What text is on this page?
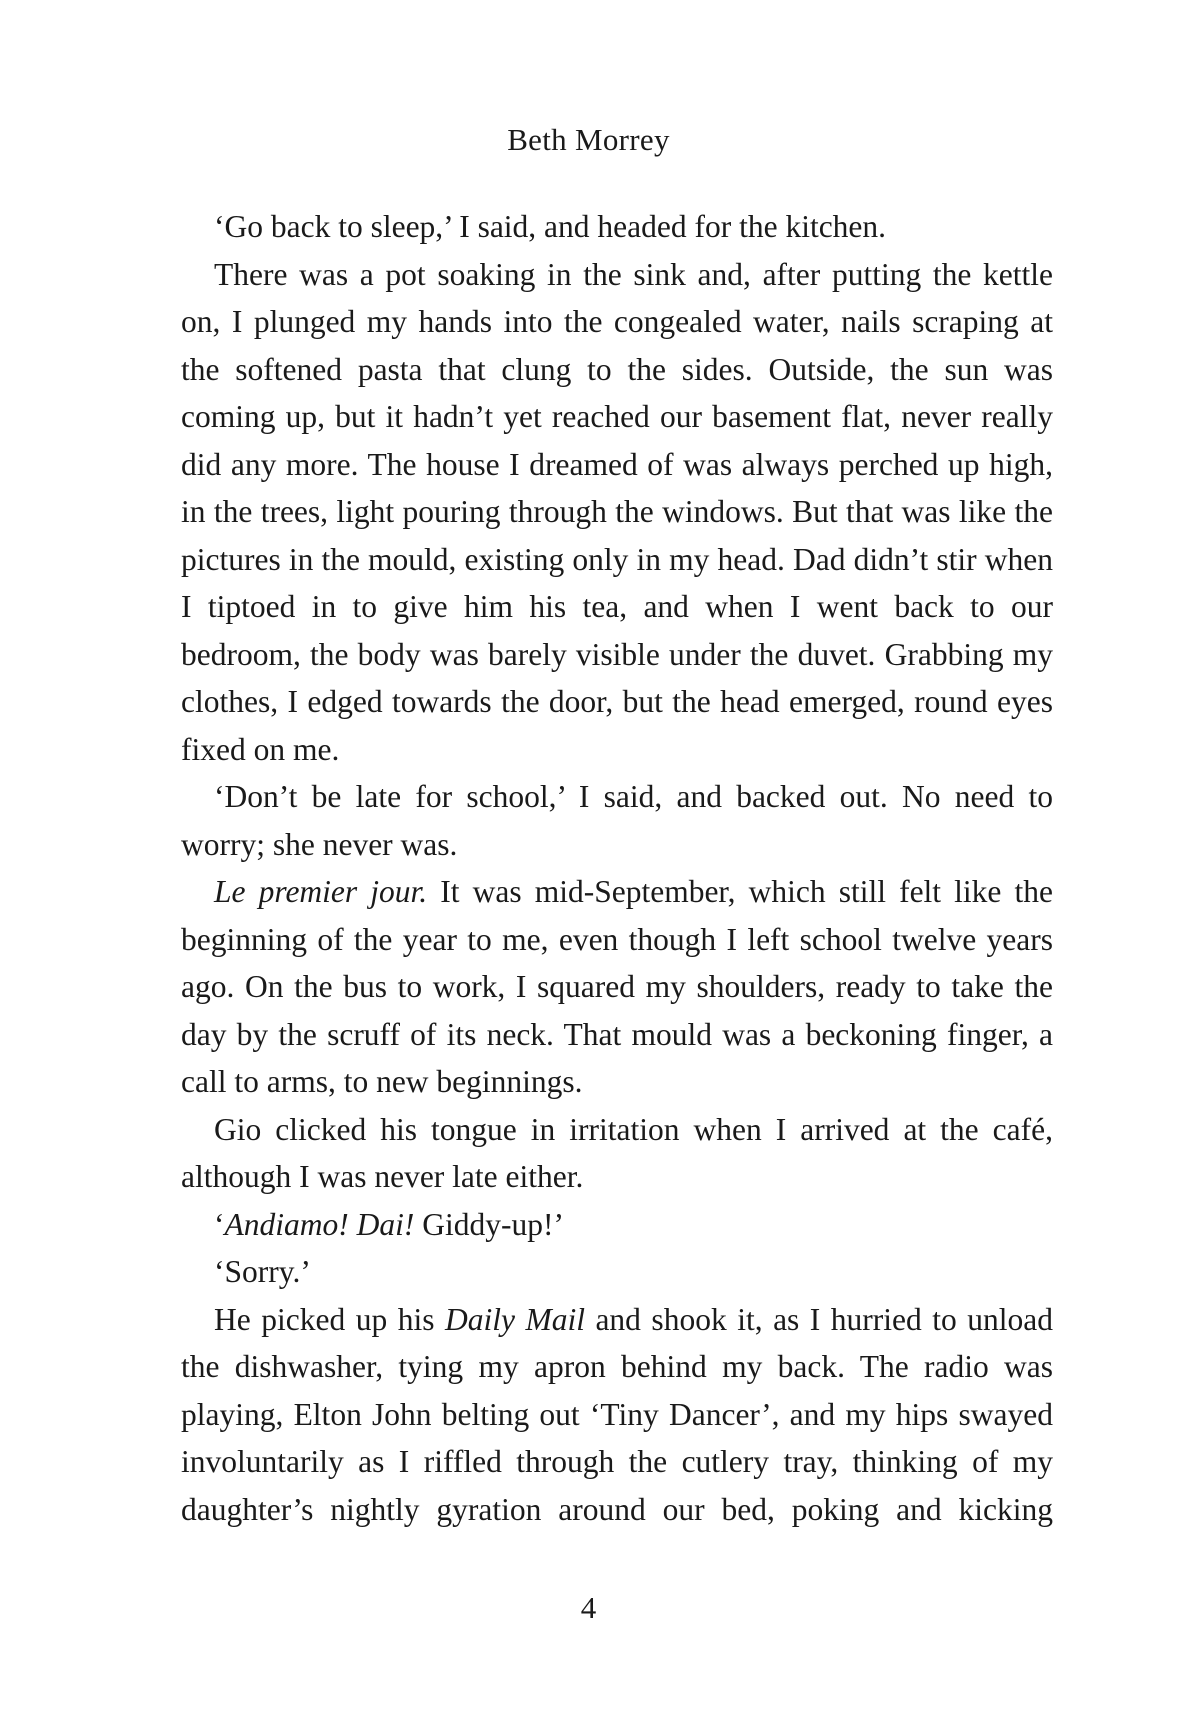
Beth Morrey

‘Go back to sleep,’ I said, and headed for the kitchen.

There was a pot soaking in the sink and, after putting the kettle on, I plunged my hands into the congealed water, nails scraping at the softened pasta that clung to the sides. Outside, the sun was coming up, but it hadn’t yet reached our basement flat, never really did any more. The house I dreamed of was always perched up high, in the trees, light pouring through the windows. But that was like the pictures in the mould, existing only in my head. Dad didn’t stir when I tiptoed in to give him his tea, and when I went back to our bedroom, the body was barely visible under the duvet. Grabbing my clothes, I edged towards the door, but the head emerged, round eyes fixed on me.

‘Don’t be late for school,’ I said, and backed out. No need to worry; she never was.

Le premier jour. It was mid-September, which still felt like the beginning of the year to me, even though I left school twelve years ago. On the bus to work, I squared my shoulders, ready to take the day by the scruff of its neck. That mould was a beckoning finger, a call to arms, to new beginnings.

Gio clicked his tongue in irritation when I arrived at the café, although I was never late either.

‘Andiamo! Dai! Giddy-up!’

‘Sorry.’

He picked up his Daily Mail and shook it, as I hurried to unload the dishwasher, tying my apron behind my back. The radio was playing, Elton John belting out ‘Tiny Dancer’, and my hips swayed involuntarily as I riffled through the cutlery tray, thinking of my daughter’s nightly gyration around our bed, poking and kicking

4
